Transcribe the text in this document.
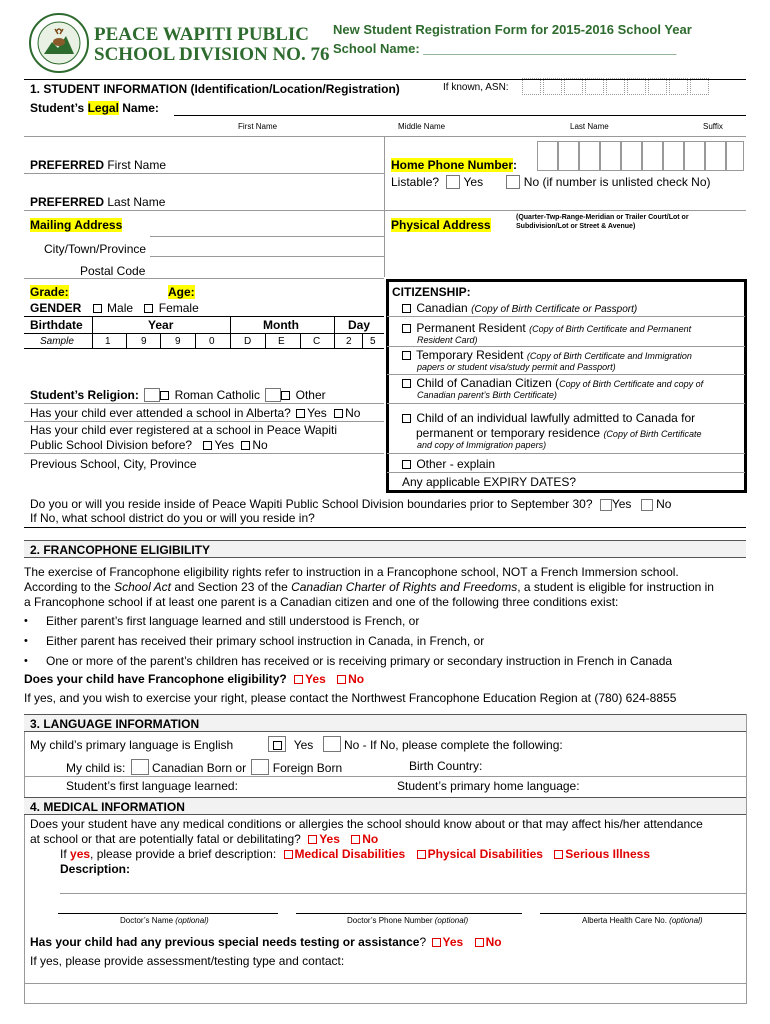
PEACE WAPITI PUBLIC
SCHOOL DIVISION NO. 76
New Student Registration Form for 2015-2016 School Year
School Name: ___________________________________
1. STUDENT INFORMATION (Identification/Location/Registration)	If known, ASN:
Student’s Legal Name:
First Name	Middle Name	Last Name	Suffix
PREFERRED First Name	Home Phone Number:
Listable? Yes	No (if number is unlisted check No)
PREFERRED Last Name
Mailing Address	Physical Address
(Quarter-Twp-Range-Meridian or Trailer Court/Lot or Subdivision/Lot or Street & Avenue)
City/Town/Province
Postal Code
Grade:	Age:
GENDER Male Female
Birthdate	Year	Month	Day
Sample	1	9	9	0	D	E	C	2 5
Student’s Religion:	Roman Catholic	Other
Has your child ever attended a school in Alberta? Yes No
Has your child ever registered at a school in Peace Wapiti
Public School Division before? Yes No
Previous School, City, Province
CITIZENSHIP:
Canadian (Copy of Birth Certificate or Passport)
Permanent Resident (Copy of Birth Certificate and Permanent
Resident Card)
Temporary Resident (Copy of Birth Certificate and Immigration
papers or student visa/study permit and Passport)
Child of Canadian Citizen (Copy of Birth Certificate and copy of
Canadian parent’s Birth Certificate)
Child of an individual lawfully admitted to Canada for
permanent or temporary residence (Copy of Birth Certificate
and copy of Immigration papers)
Other - explain
Any applicable EXPIRY DATES?
Do you or will you reside inside of Peace Wapiti Public School Division boundaries prior to September 30? Yes No
If No, what school district do you or will you reside in?
2. FRANCOPHONE ELIGIBILITY
The exercise of Francophone eligibility rights refer to instruction in a Francophone school, NOT a French Immersion school.
According to the School Act and Section 23 of the Canadian Charter of Rights and Freedoms, a student is eligible for instruction in
a Francophone school if at least one parent is a Canadian citizen and one of the following three conditions exist:
• Either parent’s first language learned and still understood is French, or
• Either parent has received their primary school instruction in Canada, in French, or
• One or more of the parent’s children has received or is receiving primary or secondary instruction in French in Canada
Does your child have Francophone eligibility? Yes No
If yes, and you wish to exercise your right, please contact the Northwest Francophone Education Region at (780) 624-8855
3. LANGUAGE INFORMATION
My child’s primary language is English	Yes	No - If No, please complete the following:
My child is: Canadian Born or Foreign Born	Birth Country:
Student’s first language learned:	Student’s primary home language:
4. MEDICAL INFORMATION
Does your student have any medical conditions or allergies the school should know about or that may affect his/her attendance
at school or that are potentially fatal or debilitating? Yes No
If yes, please provide a brief description: Medical Disabilities Physical Disabilities Serious Illness
Description:
Doctor’s Name (optional)	Doctor’s Phone Number (optional)	Alberta Health Care No. (optional)
Has your child had any previous special needs testing or assistance? Yes No
If yes, please provide assessment/testing type and contact:
